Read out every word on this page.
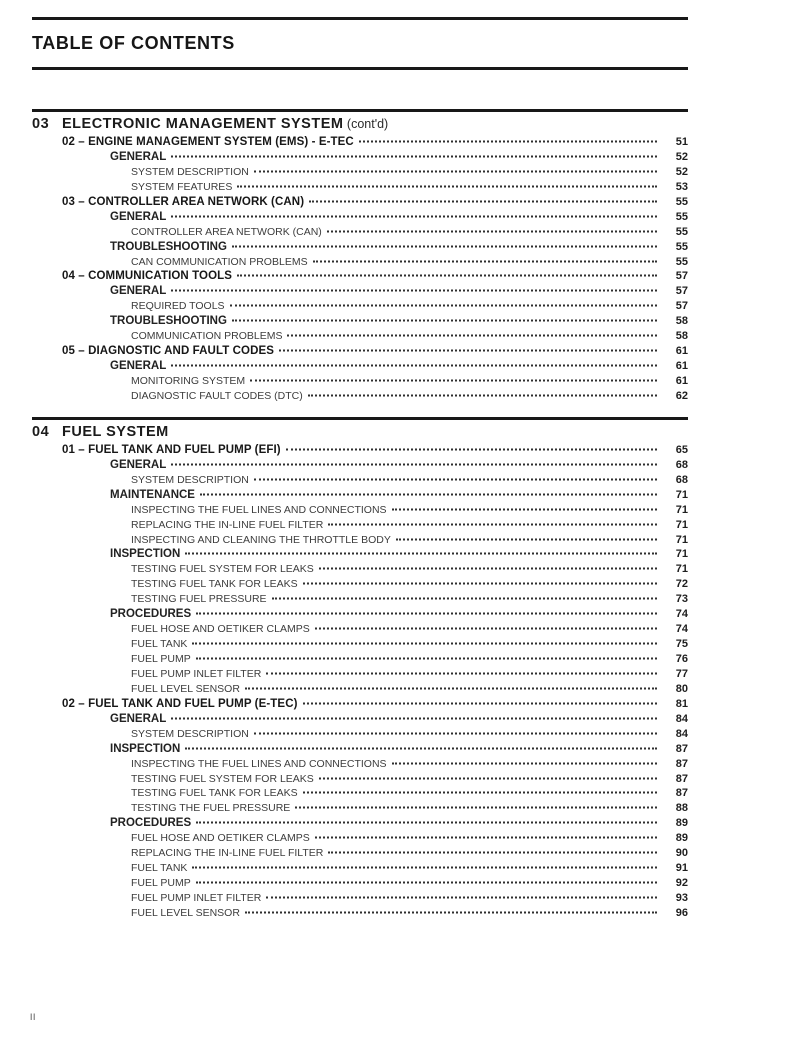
TABLE OF CONTENTS
03 ELECTRONIC MANAGEMENT SYSTEM (cont'd)
02 – ENGINE MANAGEMENT SYSTEM (EMS) - E-TEC	51
GENERAL	52
SYSTEM DESCRIPTION	52
SYSTEM FEATURES	53
03 – CONTROLLER AREA NETWORK (CAN)	55
GENERAL	55
CONTROLLER AREA NETWORK (CAN)	55
TROUBLESHOOTING	55
CAN COMMUNICATION PROBLEMS	55
04 – COMMUNICATION TOOLS	57
GENERAL	57
REQUIRED TOOLS	57
TROUBLESHOOTING	58
COMMUNICATION PROBLEMS	58
05 – DIAGNOSTIC AND FAULT CODES	61
GENERAL	61
MONITORING SYSTEM	61
DIAGNOSTIC FAULT CODES (DTC)	62
04 FUEL SYSTEM
01 – FUEL TANK AND FUEL PUMP (EFI)	65
GENERAL	68
SYSTEM DESCRIPTION	68
MAINTENANCE	71
INSPECTING THE FUEL LINES AND CONNECTIONS	71
REPLACING THE IN-LINE FUEL FILTER	71
INSPECTING AND CLEANING THE THROTTLE BODY	71
INSPECTION	71
TESTING FUEL SYSTEM FOR LEAKS	71
TESTING FUEL TANK FOR LEAKS	72
TESTING FUEL PRESSURE	73
PROCEDURES	74
FUEL HOSE AND OETIKER CLAMPS	74
FUEL TANK	75
FUEL PUMP	76
FUEL PUMP INLET FILTER	77
FUEL LEVEL SENSOR	80
02 – FUEL TANK AND FUEL PUMP (E-TEC)	81
GENERAL	84
SYSTEM DESCRIPTION	84
INSPECTION	87
INSPECTING THE FUEL LINES AND CONNECTIONS	87
TESTING FUEL SYSTEM FOR LEAKS	87
TESTING FUEL TANK FOR LEAKS	87
TESTING THE FUEL PRESSURE	88
PROCEDURES	89
FUEL HOSE AND OETIKER CLAMPS	89
REPLACING THE IN-LINE FUEL FILTER	90
FUEL TANK	91
FUEL PUMP	92
FUEL PUMP INLET FILTER	93
FUEL LEVEL SENSOR	96
II
